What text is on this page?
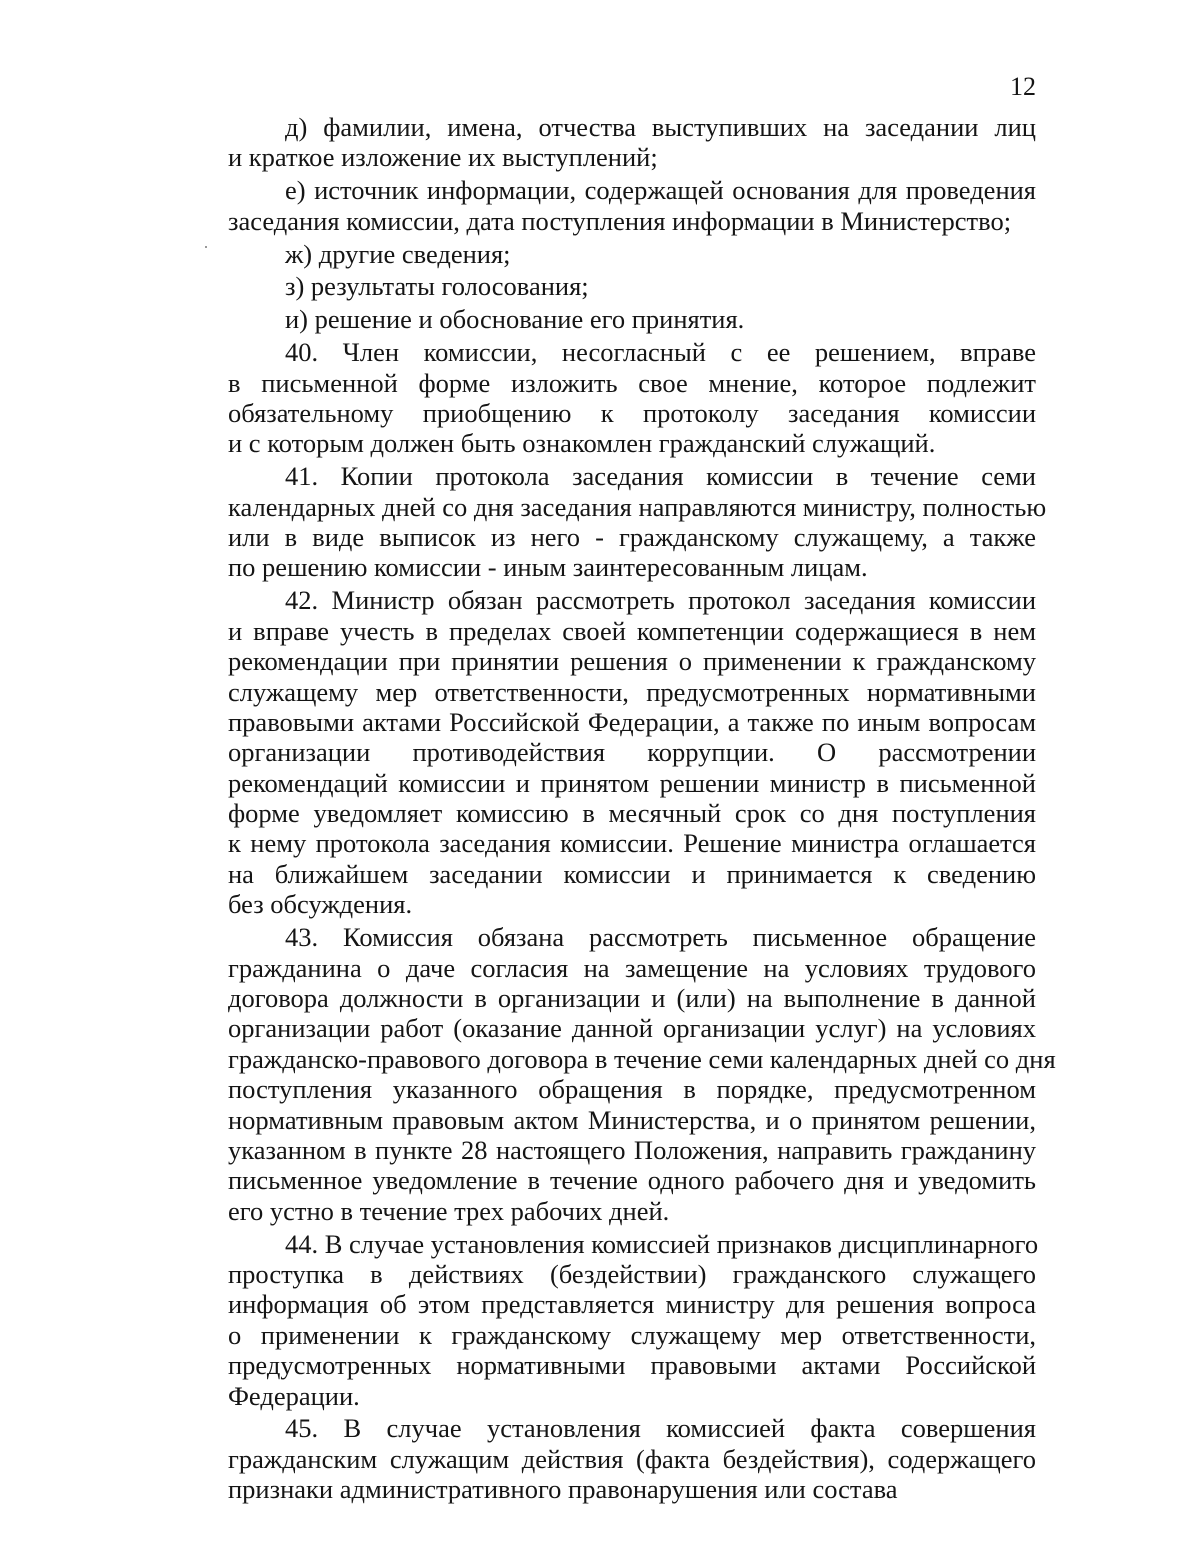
12
д) фамилии, имена, отчества выступивших на заседании лиц
и краткое изложение их выступлений;
е) источник информации, содержащей основания для проведения
заседания комиссии, дата поступления информации в Министерство;
ж) другие сведения;
з) результаты голосования;
и) решение и обоснование его принятия.
40. Член комиссии, несогласный с ее решением, вправе
в письменной форме изложить свое мнение, которое подлежит
обязательному приобщению к протоколу заседания комиссии
и с которым должен быть ознакомлен гражданский служащий.
41. Копии протокола заседания комиссии в течение семи
календарных дней со дня заседания направляются министру, полностью
или в виде выписок из него - гражданскому служащему, а также
по решению комиссии - иным заинтересованным лицам.
42. Министр обязан рассмотреть протокол заседания комиссии
и вправе учесть в пределах своей компетенции содержащиеся в нем
рекомендации при принятии решения о применении к гражданскому
служащему мер ответственности, предусмотренных нормативными
правовыми актами Российской Федерации, а также по иным вопросам
организации противодействия коррупции. О рассмотрении
рекомендаций комиссии и принятом решении министр в письменной
форме уведомляет комиссию в месячный срок со дня поступления
к нему протокола заседания комиссии. Решение министра оглашается
на ближайшем заседании комиссии и принимается к сведению
без обсуждения.
43. Комиссия обязана рассмотреть письменное обращение
гражданина о даче согласия на замещение на условиях трудового
договора должности в организации и (или) на выполнение в данной
организации работ (оказание данной организации услуг) на условиях
гражданско-правового договора в течение семи календарных дней со дня
поступления указанного обращения в порядке, предусмотренном
нормативным правовым актом Министерства, и о принятом решении,
указанном в пункте 28 настоящего Положения, направить гражданину
письменное уведомление в течение одного рабочего дня и уведомить
его устно в течение трех рабочих дней.
44. В случае установления комиссией признаков дисциплинарного
проступка в действиях (бездействии) гражданского служащего
информация об этом представляется министру для решения вопроса
о применении к гражданскому служащему мер ответственности,
предусмотренных нормативными правовыми актами Российской
Федерации.
45. В случае установления комиссией факта совершения
гражданским служащим действия (факта бездействия), содержащего
признаки административного правонарушения или состава
